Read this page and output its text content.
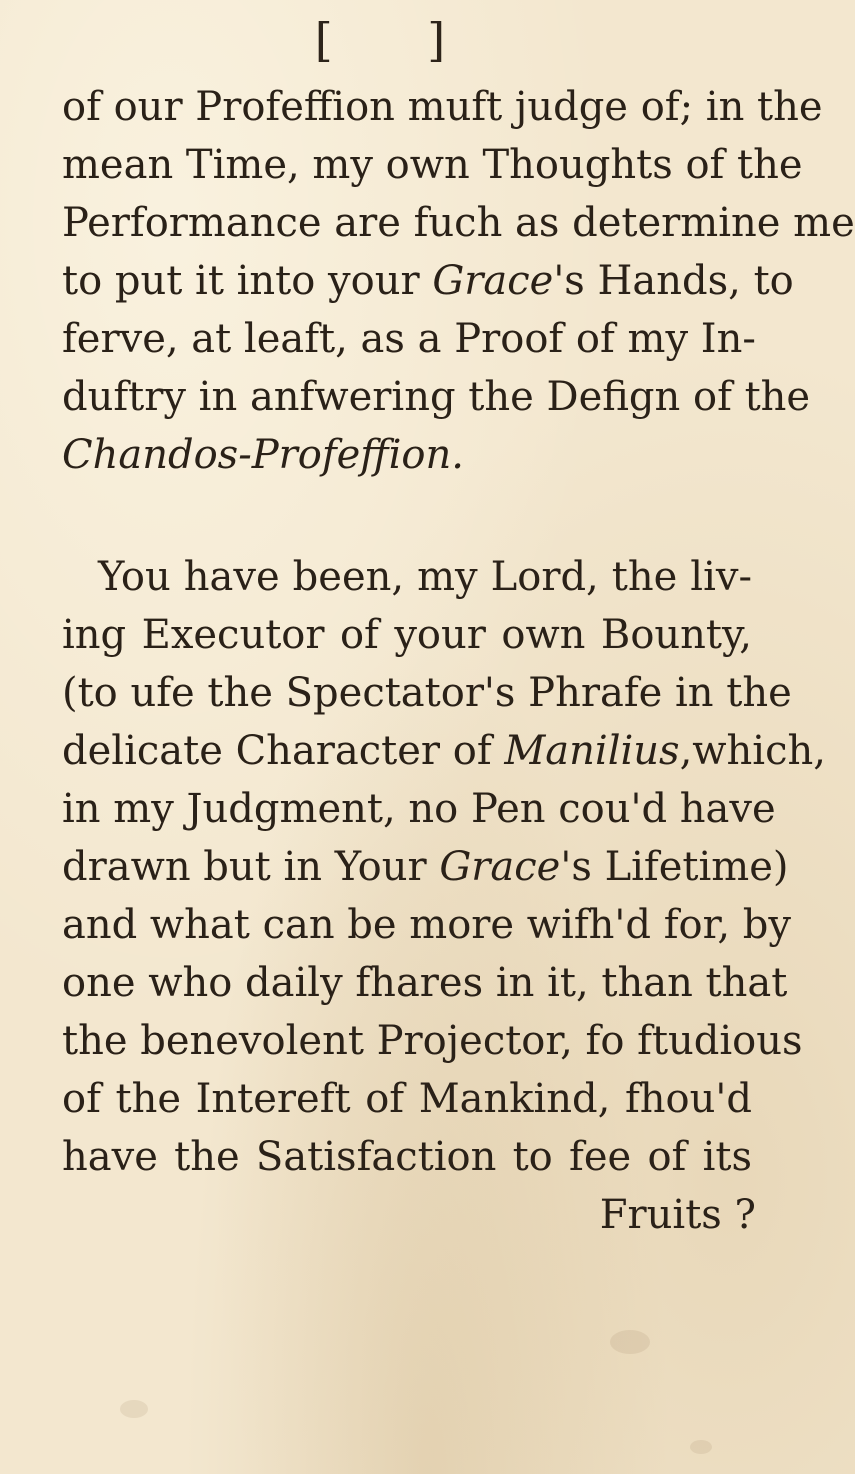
[ ]
of our Profeffion muft judge of; in the
mean Time, my own Thoughts of the
Performance are fuch as determine me
to put it into your Grace's Hands, to
ferve, at leaft, as a Proof of my In-
duftry in anfwering the Defign of the
Chandos-Profeffion.
You have been, my Lord, the liv-
ing Executor of your own Bounty,
(to ufe the Spectator's Phrafe in the
delicate Character of Manilius,which,
in my Judgment, no Pen cou'd have
drawn but in Your Grace's Lifetime)
and what can be more wifh'd for, by
one who daily fhares in it, than that
the benevolent Projector, fo ftudious
of the Intereft of Mankind, fhou'd
have the Satisfaction to fee of its
Fruits ?
